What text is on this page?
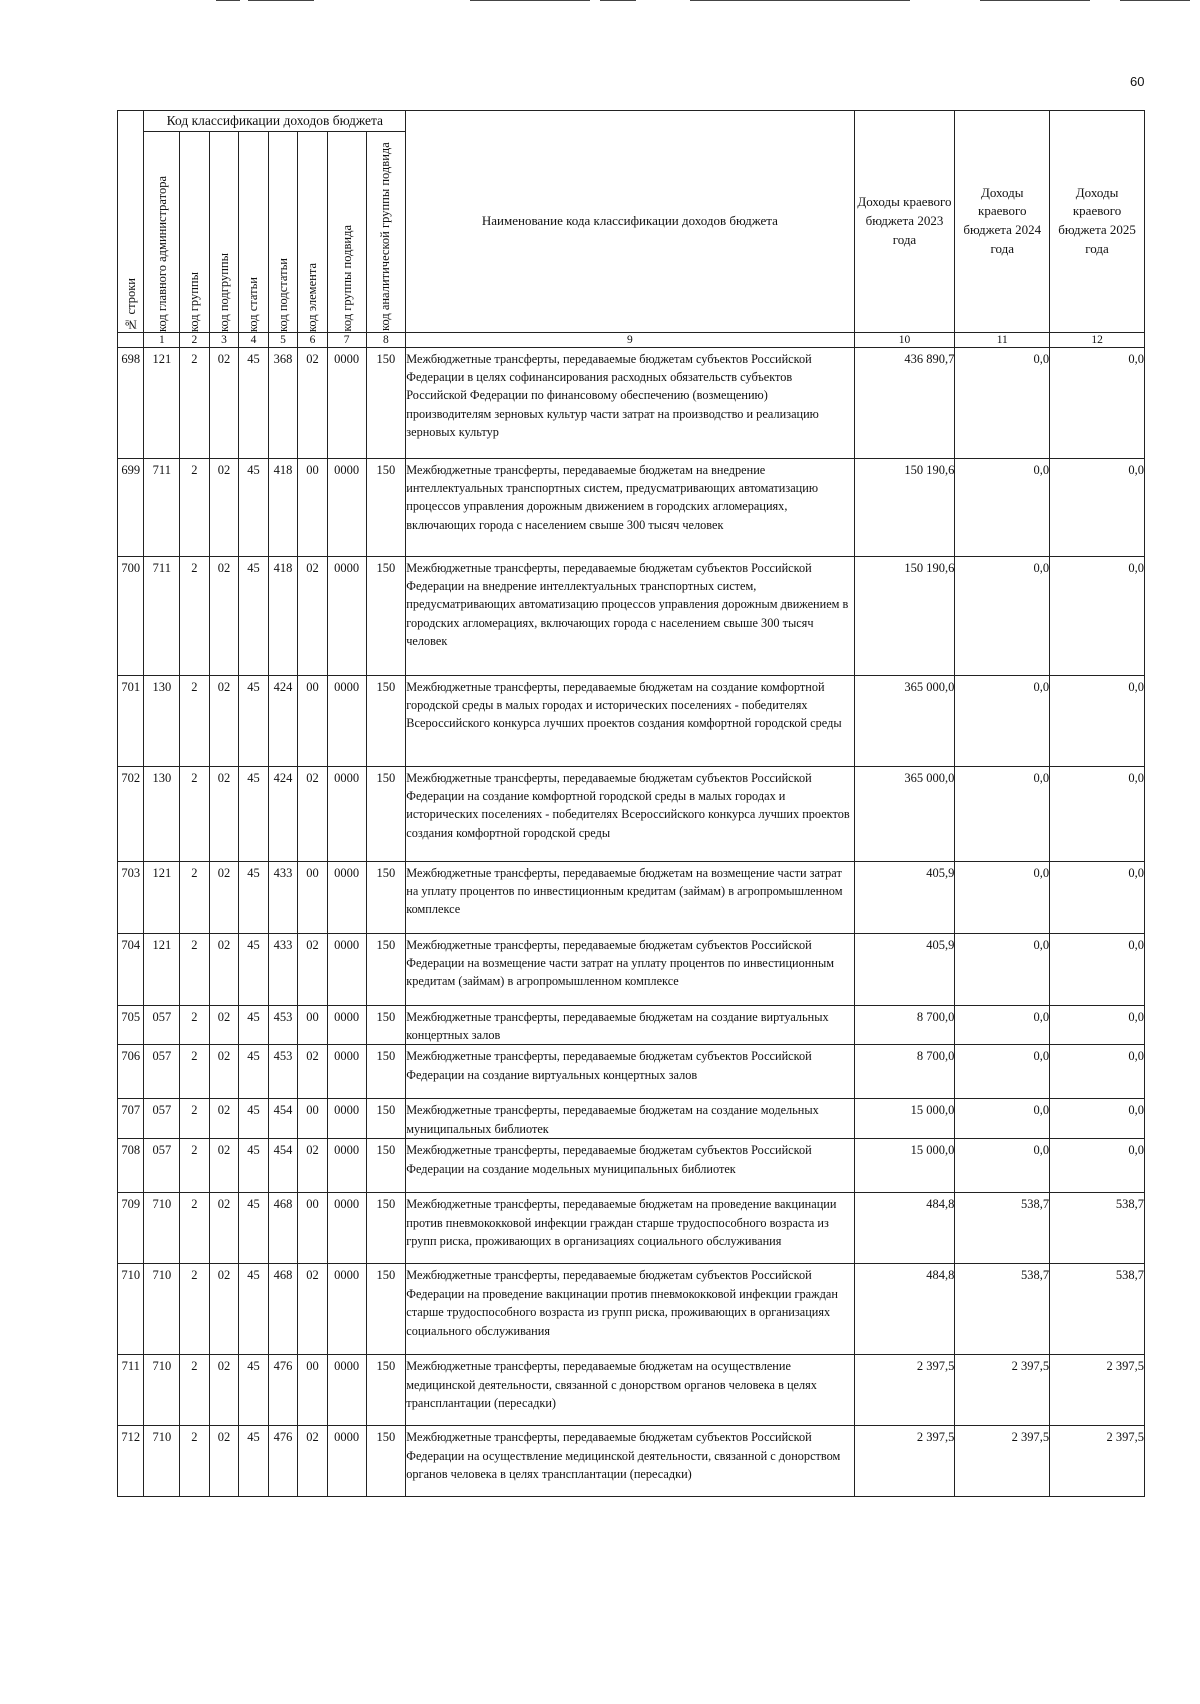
60
№ строки	Код классификации доходов бюджета								Наименование кода классификации доходов бюджета	Доходы краевого бюджета 2023 года	Доходы краевого бюджета 2024 года	Доходы краевого бюджета 2025 года

	код главного администратора	код группы	код подгруппы	код статьи	код подстатьи	код элемента	код группы подвида	код аналитической группы подвида				

	1	2	3	4	5	6	7	8	9	10	11	12
698	121	2	02	45	368	02	0000	150	Межбюджетные трансферты, передаваемые бюджетам субъектов Российской Федерации в целях софинансирования расходных обязательств субъектов Российской Федерации по финансовому обеспечению (возмещению) производителям зерновых культур части затрат на производство и реализацию зерновых культур	436 890,7	0,0	0,0
699	711	2	02	45	418	00	0000	150	Межбюджетные трансферты, передаваемые бюджетам на внедрение интеллектуальных транспортных систем, предусматривающих автоматизацию процессов управления дорожным движением в городских агломерациях, включающих города с населением свыше 300 тысяч человек	150 190,6	0,0	0,0
700	711	2	02	45	418	02	0000	150	Межбюджетные трансферты, передаваемые бюджетам субъектов Российской Федерации на внедрение интеллектуальных транспортных систем, предусматривающих автоматизацию процессов управления дорожным движением в городских агломерациях, включающих города с населением свыше 300 тысяч человек	150 190,6	0,0	0,0
701	130	2	02	45	424	00	0000	150	Межбюджетные трансферты, передаваемые бюджетам на создание комфортной городской среды в малых городах и исторических поселениях - победителях Всероссийского конкурса лучших проектов создания комфортной городской среды	365 000,0	0,0	0,0
702	130	2	02	45	424	02	0000	150	Межбюджетные трансферты, передаваемые бюджетам субъектов Российской Федерации на создание комфортной городской среды в малых городах и исторических поселениях - победителях Всероссийского конкурса лучших проектов создания комфортной городской среды	365 000,0	0,0	0,0
703	121	2	02	45	433	00	0000	150	Межбюджетные трансферты, передаваемые бюджетам на возмещение части затрат на уплату процентов по инвестиционным кредитам (займам) в агропромышленном комплексе	405,9	0,0	0,0
704	121	2	02	45	433	02	0000	150	Межбюджетные трансферты, передаваемые бюджетам субъектов Российской Федерации на возмещение части затрат на уплату процентов по инвестиционным кредитам (займам) в агропромышленном комплексе	405,9	0,0	0,0
705	057	2	02	45	453	00	0000	150	Межбюджетные трансферты, передаваемые бюджетам на создание виртуальных концертных залов	8 700,0	0,0	0,0
706	057	2	02	45	453	02	0000	150	Межбюджетные трансферты, передаваемые бюджетам субъектов Российской Федерации на создание виртуальных концертных залов	8 700,0	0,0	0,0
707	057	2	02	45	454	00	0000	150	Межбюджетные трансферты, передаваемые бюджетам на создание модельных муниципальных библиотек	15 000,0	0,0	0,0
708	057	2	02	45	454	02	0000	150	Межбюджетные трансферты, передаваемые бюджетам субъектов Российской Федерации на создание модельных муниципальных библиотек	15 000,0	0,0	0,0
709	710	2	02	45	468	00	0000	150	Межбюджетные трансферты, передаваемые бюджетам на проведение вакцинации против пневмококковой инфекции граждан старше трудоспособного возраста из групп риска, проживающих в организациях социального обслуживания	484,8	538,7	538,7
710	710	2	02	45	468	02	0000	150	Межбюджетные трансферты, передаваемые бюджетам субъектов Российской Федерации на проведение вакцинации против пневмококковой инфекции граждан старше трудоспособного возраста из групп риска, проживающих в организациях социального обслуживания	484,8	538,7	538,7
711	710	2	02	45	476	00	0000	150	Межбюджетные трансферты, передаваемые бюджетам на осуществление медицинской деятельности, связанной с донорством органов человека в целях трансплантации (пересадки)	2 397,5	2 397,5	2 397,5
712	710	2	02	45	476	02	0000	150	Межбюджетные трансферты, передаваемые бюджетам субъектов Российской Федерации на осуществление медицинской деятельности, связанной с донорством органов человека в целях трансплантации (пересадки)	2 397,5	2 397,5	2 397,5
